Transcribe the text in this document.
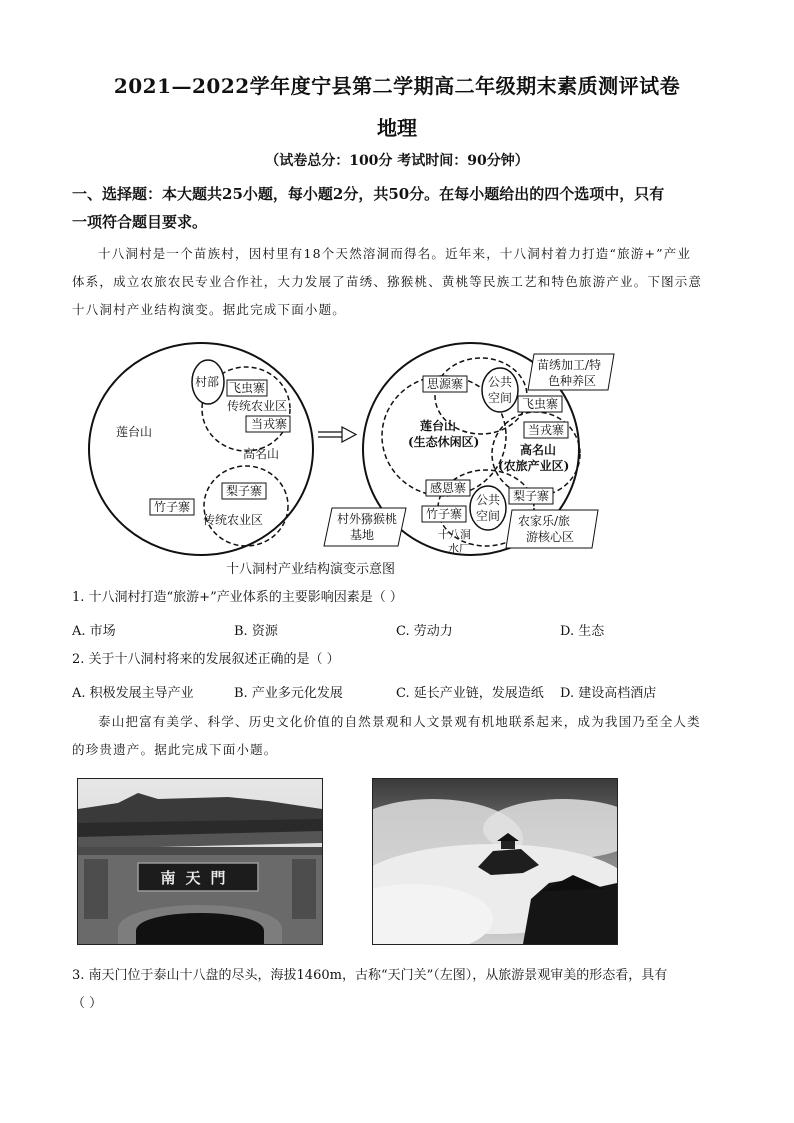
2021—2022学年度宁县第二学期高二年级期末素质测评试卷
地理
（试卷总分：100分 考试时间：90分钟）
一、选择题：本大题共25小题，每小题2分，共50分。在每小题给出的四个选项中，只有
一项符合题目要求。
十八洞村是一个苗族村，因村里有18个天然溶洞而得名。近年来，十八洞村着力打造“旅游+”产业
体系，成立农旅农民专业合作社，大力发展了苗绣、猕猴桃、黄桃等民族工艺和特色旅游产业。下图示意
十八洞村产业结构演变。据此完成下面小题。
莲台山
村部 飞虫寨
传统农业区
当戎寨
高名山
梨子寨
竹子寨
传统农业区
苗绣加工/特
色种养区
思源寨 公共
空间 飞虫寨
莲台山
(生态休闲区)
当戎寨
高名山
(农旅产业区)
感恩寨
公共
空间
梨子寨
竹子寨
十八洞
水厂
村外猕猴桃
基地
农家乐/旅
游核心区
十八洞村产业结构演变示意图
1. 十八洞村打造“旅游+”产业体系的主要影响因素是（ ）
A. 市场	B. 资源	C. 劳动力	D. 生态
2. 关于十八洞村将来的发展叙述正确的是（ ）
A. 积极发展主导产业	B. 产业多元化发展	C. 延长产业链，发展造纸 D. 建设高档酒店
泰山把富有美学、科学、历史文化价值的自然景观和人文景观有机地联系起来，成为我国乃至全人类
的珍贵遗产。据此完成下面小题。
南天門
3. 南天门位于泰山十八盘的尽头，海拔1460m，古称“天门关”（左图），从旅游景观审美的形态看，具有
（ ）
